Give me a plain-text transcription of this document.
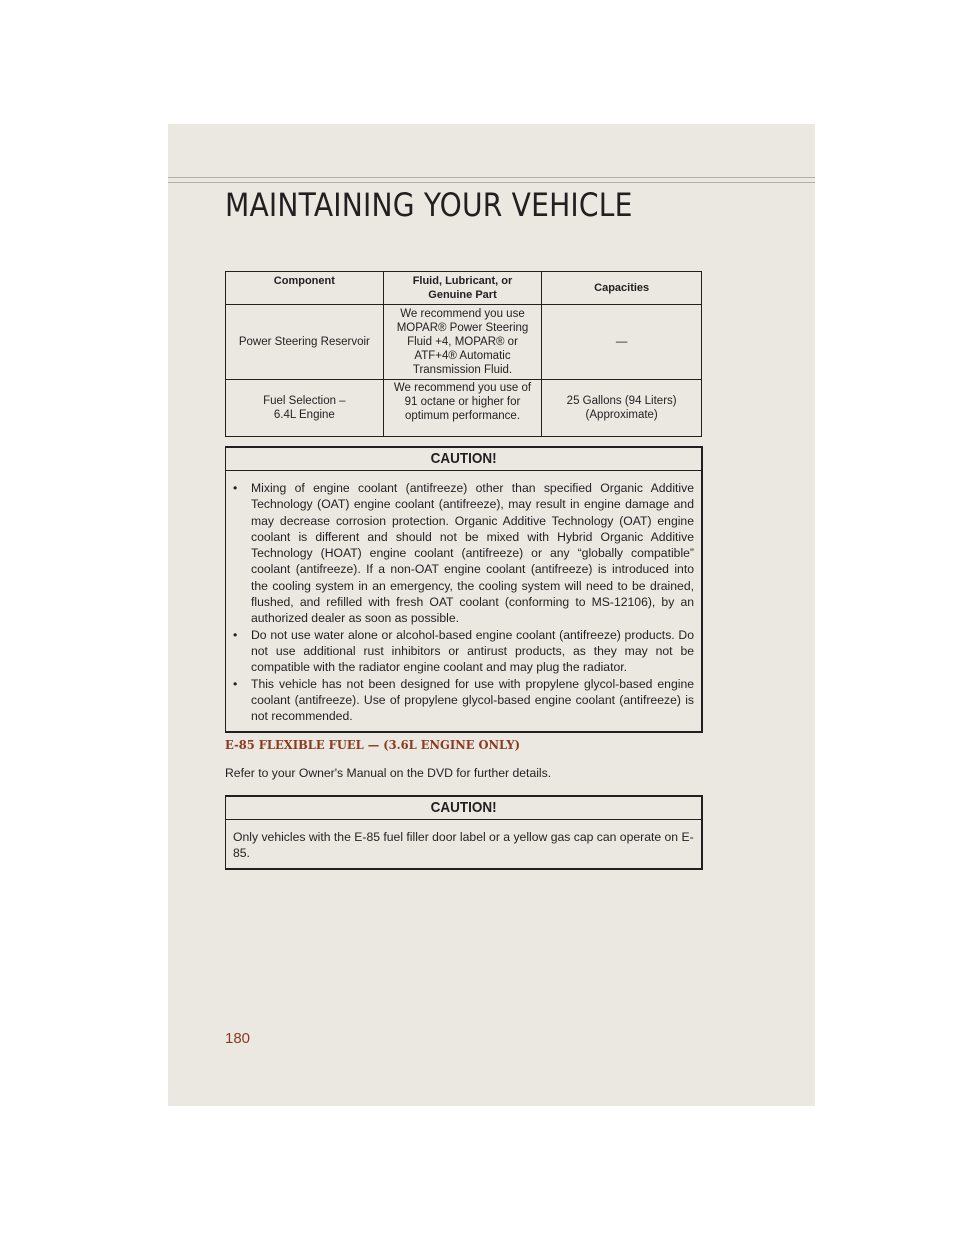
MAINTAINING YOUR VEHICLE
Component	Fluid, Lubricant, or Genuine Part	Capacities
Power Steering Reservoir	We recommend you use MOPAR® Power Steering Fluid +4, MOPAR® or ATF+4® Automatic Transmission Fluid.	—
Fuel Selection – 6.4L Engine	We recommend you use of 91 octane or higher for optimum performance.	25 Gallons (94 Liters) (Approximate)
CAUTION!
• Mixing of engine coolant (antifreeze) other than specified Organic Additive Technology (OAT) engine coolant (antifreeze), may result in engine damage and may decrease corrosion protection. Organic Additive Technology (OAT) engine coolant is different and should not be mixed with Hybrid Organic Additive Technology (HOAT) engine coolant (antifreeze) or any “globally compatible” coolant (antifreeze). If a non-OAT engine coolant (antifreeze) is introduced into the cooling system in an emergency, the cooling system will need to be drained, flushed, and refilled with fresh OAT coolant (conforming to MS-12106), by an authorized dealer as soon as possible.
• Do not use water alone or alcohol-based engine coolant (antifreeze) products. Do not use additional rust inhibitors or antirust products, as they may not be compatible with the radiator engine coolant and may plug the radiator.
• This vehicle has not been designed for use with propylene glycol-based engine coolant (antifreeze). Use of propylene glycol-based engine coolant (antifreeze) is not recommended.
E-85 FLEXIBLE FUEL — (3.6L ENGINE ONLY)

Refer to your Owner's Manual on the DVD for further details.

CAUTION!

Only vehicles with the E-85 fuel filler door label or a yellow gas cap can operate on E-85.

180
